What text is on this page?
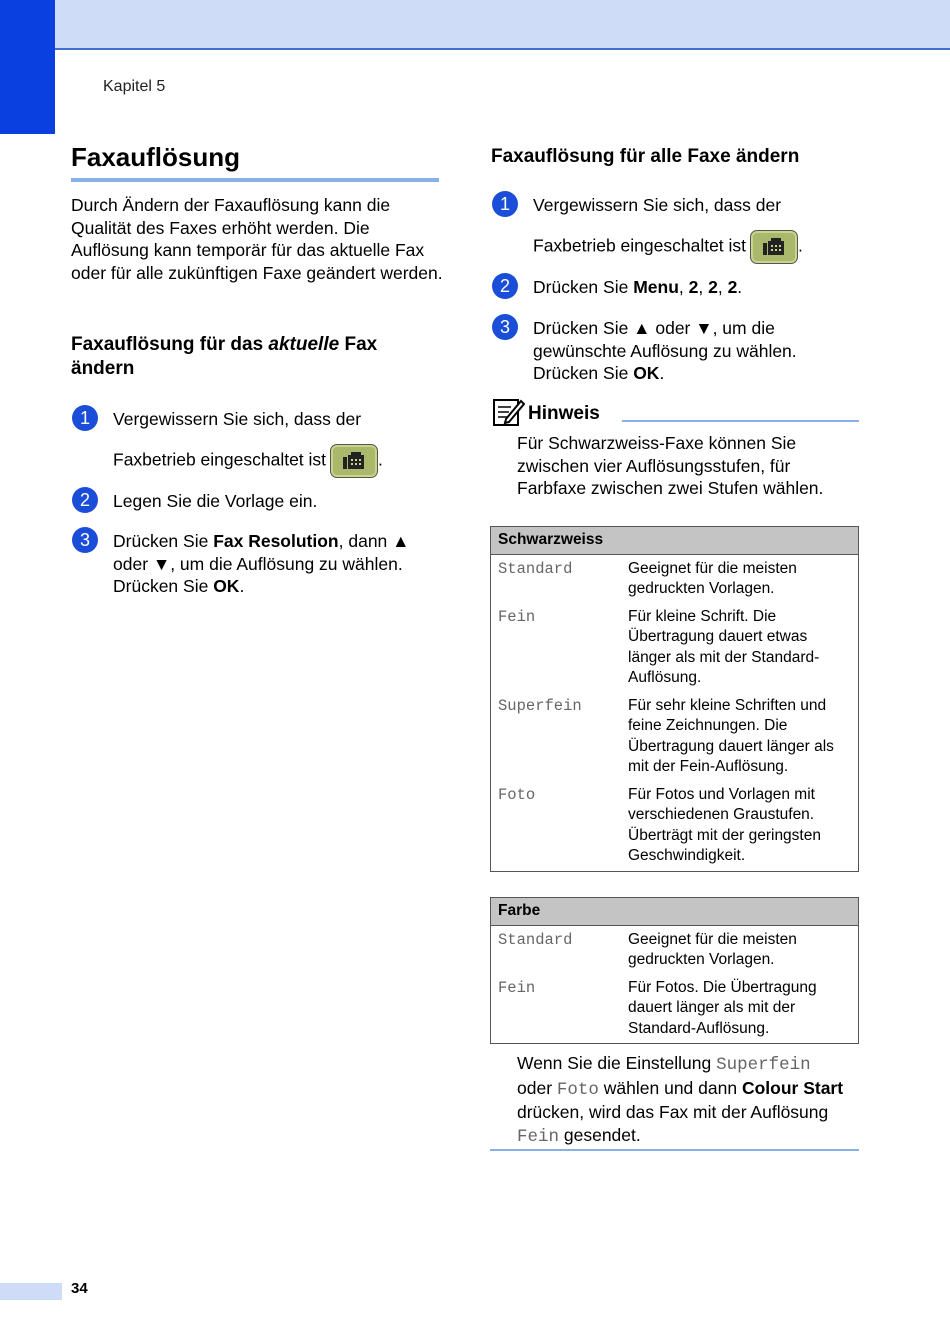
Kapitel 5
Faxauflösung
Durch Ändern der Faxauflösung kann die Qualität des Faxes erhöht werden. Die Auflösung kann temporär für das aktuelle Fax oder für alle zukünftigen Faxe geändert werden.
Faxauflösung für das aktuelle Fax ändern
1	Vergewissern Sie sich, dass der
Faxbetrieb eingeschaltet ist	.
2	Legen Sie die Vorlage ein.
3	Drücken Sie Fax Resolution, dann ▲
oder ▼, um die Auflösung zu wählen.
Drücken Sie OK.
Faxauflösung für alle Faxe ändern
1	Vergewissern Sie sich, dass der
Faxbetrieb eingeschaltet ist	.
2	Drücken Sie Menu, 2, 2, 2.
3	Drücken Sie ▲ oder ▼, um die
gewünschte Auflösung zu wählen.
Drücken Sie OK.
Hinweis
Für Schwarzweiss-Faxe können Sie zwischen vier Auflösungsstufen, für Farbfaxe zwischen zwei Stufen wählen.
Schwarzweiss	
Standard	Geeignet für die meisten gedruckten Vorlagen.
Fein	Für kleine Schrift. Die Übertragung dauert etwas länger als mit der Standard-Auflösung.
Superfein	Für sehr kleine Schriften und feine Zeichnungen. Die Übertragung dauert länger als mit der Fein-Auflösung.
Foto	Für Fotos und Vorlagen mit verschiedenen Graustufen. Überträgt mit der geringsten Geschwindigkeit.
Farbe	
Standard	Geeignet für die meisten gedruckten Vorlagen.
Fein	Für Fotos. Die Übertragung dauert länger als mit der Standard-Auflösung.
Wenn Sie die Einstellung Superfein
oder Foto wählen und dann Colour Start
drücken, wird das Fax mit der Auflösung
Fein gesendet.
34
